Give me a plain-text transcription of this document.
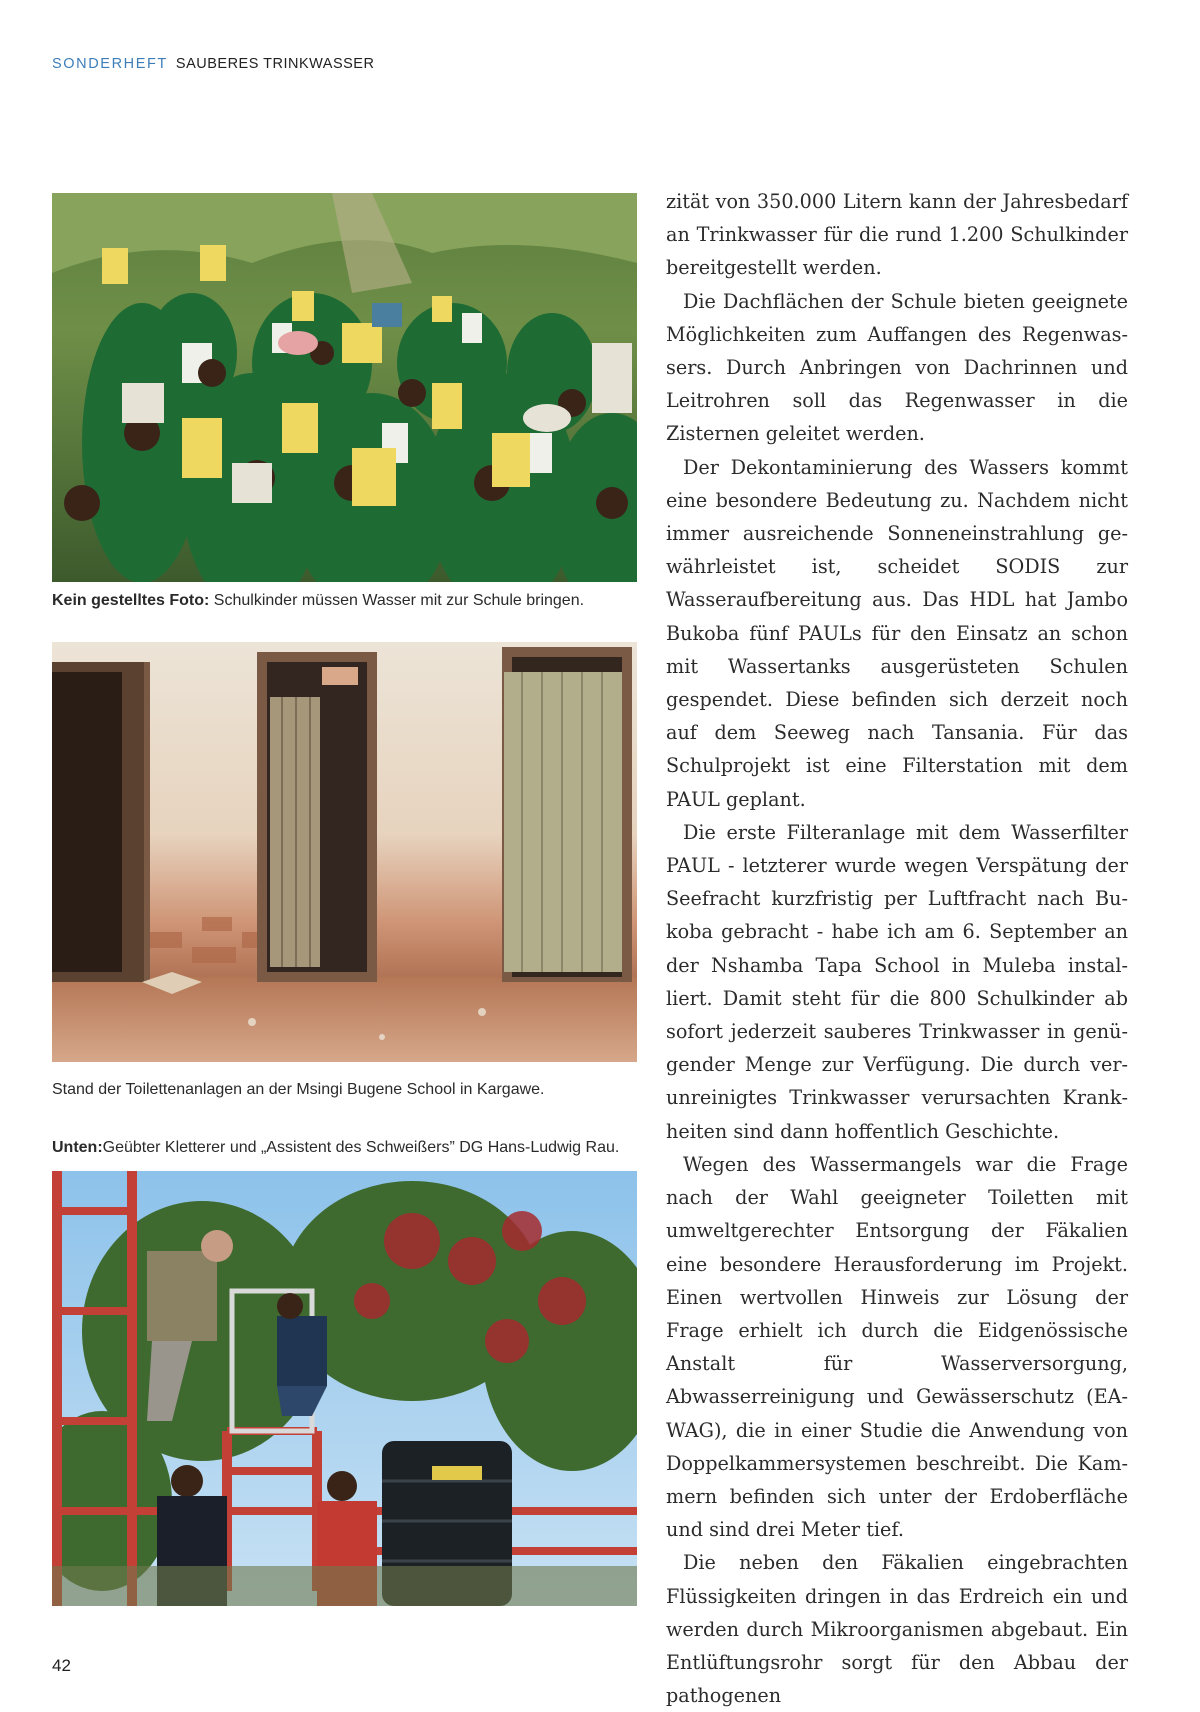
SONDERHEFT SAUBERES TRINKWASSER
Kein gestelltes Foto: Schulkinder müssen Wasser mit zur Schule bringen.
Stand der Toilettenanlagen an der Msingi Bugene School in Kargawe.
Unten:Geübter Kletterer und „Assistent des Schweißers” DG Hans-Ludwig Rau.

zität von 350.000 Litern kann der Jahresbedarf an Trinkwasser für die rund 1.200 Schulkinder bereitgestellt werden.

Die Dachflächen der Schule bieten geeignete Möglichkeiten zum Auffangen des Regenwassers. Durch Anbringen von Dachrinnen und Leitrohren soll das Regenwasser in die Zisternen geleitet werden.

Der Dekontaminierung des Wassers kommt eine besondere Bedeutung zu. Nachdem nicht immer ausreichende Sonneneinstrahlung gewährleistet ist, scheidet SODIS zur Wasseraufbereitung aus. Das HDL hat Jambo Bukoba fünf PAULs für den Einsatz an schon mit Wassertanks ausgerüsteten Schulen gespendet. Diese befinden sich derzeit noch auf dem Seeweg nach Tansania. Für das Schulprojekt ist eine Filterstation mit dem PAUL geplant.

Die erste Filteranlage mit dem Wasserfilter PAUL - letzterer wurde wegen Verspätung der Seefracht kurzfristig per Luftfracht nach Bukoba gebracht - habe ich am 6. September an der Nshamba Tapa School in Muleba installiert. Damit steht für die 800 Schulkinder ab sofort jederzeit sauberes Trinkwasser in genügender Menge zur Verfügung. Die durch verunreinigtes Trinkwasser verursachten Krankheiten sind dann hoffentlich Geschichte.

Wegen des Wassermangels war die Frage nach der Wahl geeigneter Toiletten mit umweltgerechter Entsorgung der Fäkalien eine besondere Herausforderung im Projekt. Einen wertvollen Hinweis zur Lösung der Frage erhielt ich durch die Eidgenössische Anstalt für Wasserversorgung, Abwasserreinigung und Gewässerschutz (EAWAG), die in einer Studie die Anwendung von Doppelkammersystemen beschreibt. Die Kammern befinden sich unter der Erdoberfläche und sind drei Meter tief.

Die neben den Fäkalien eingebrachten Flüssigkeiten dringen in das Erdreich ein und werden durch Mikroorganismen abgebaut. Ein Entlüftungsrohr sorgt für den Abbau der pathogenen

42
